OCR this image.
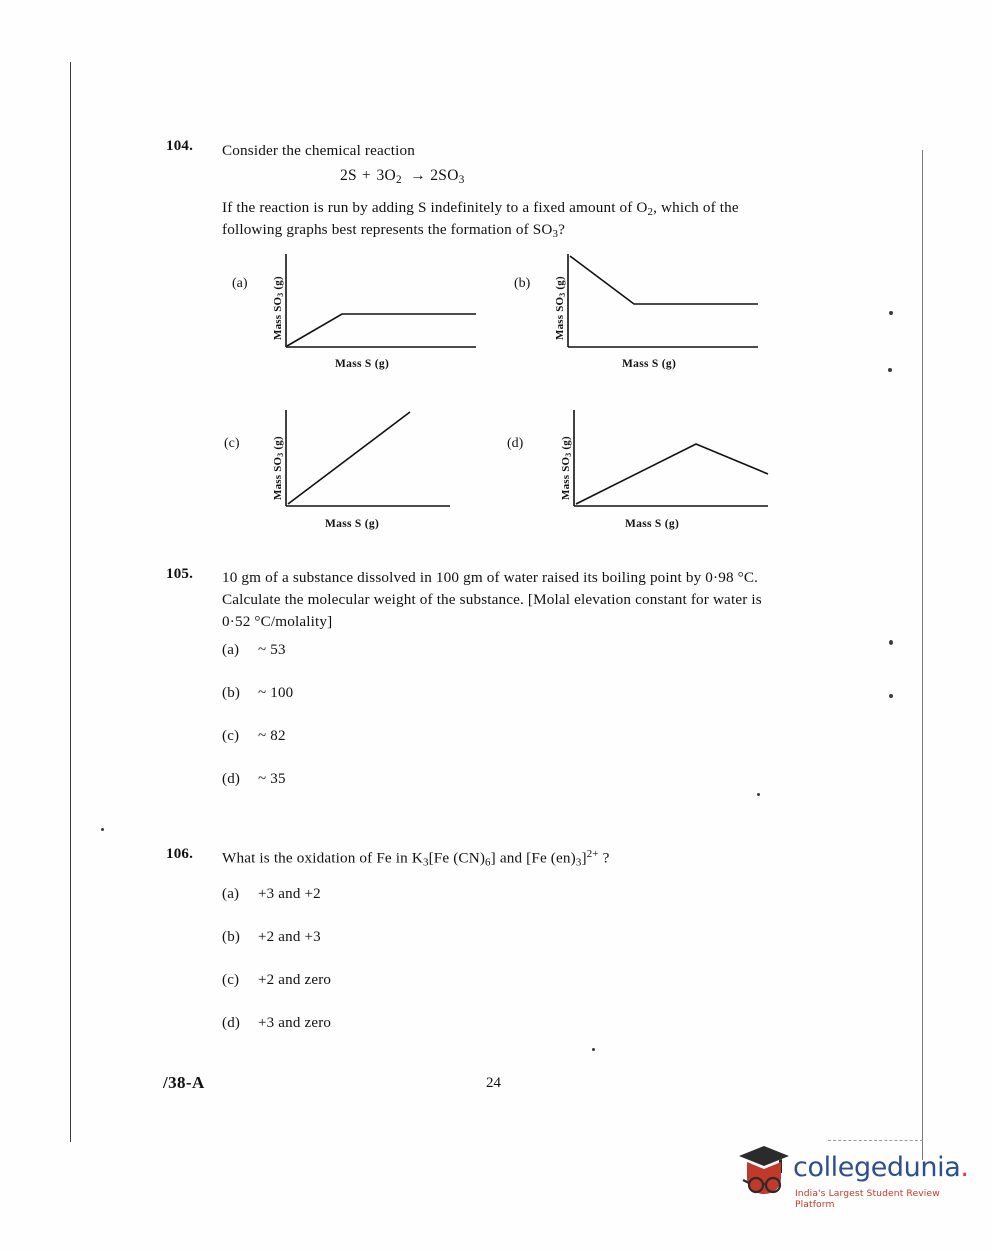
104. Consider the chemical reaction
$2S + 3O_2 \to 2SO_3$
If the reaction is run by adding S indefinitely to a fixed amount of $O_2$, which of the
following graphs best represents the formation of $SO_3$?
(a)
Mass $SO_3$ (g)
Mass S (g)
(b)
Mass $SO_3$ (g)
Mass S (g)
(c)
Mass $SO_3$ (g)
Mass S (g)
(d)
Mass $SO_3$ (g)
Mass S (g)
105. 10 gm of a substance dissolved in 100 gm of water raised its boiling point by 0·98 °C.
Calculate the molecular weight of the substance. [Molal elevation constant for water is
0·52 °C/molality]
(a) ~ 53
(b) ~ 100
(c) ~ 82
(d) ~ 35
106. What is the oxidation of Fe in $K_3[Fe$ $(CN)_6$] and [Fe $(en)_3]^{2+}$ ?
(a) +3 and +2
(b) +2 and +3
(c) +2 and zero
(d) +3 and zero
/38-A	24
collegedunia.
India's Largest Student Review Platform
